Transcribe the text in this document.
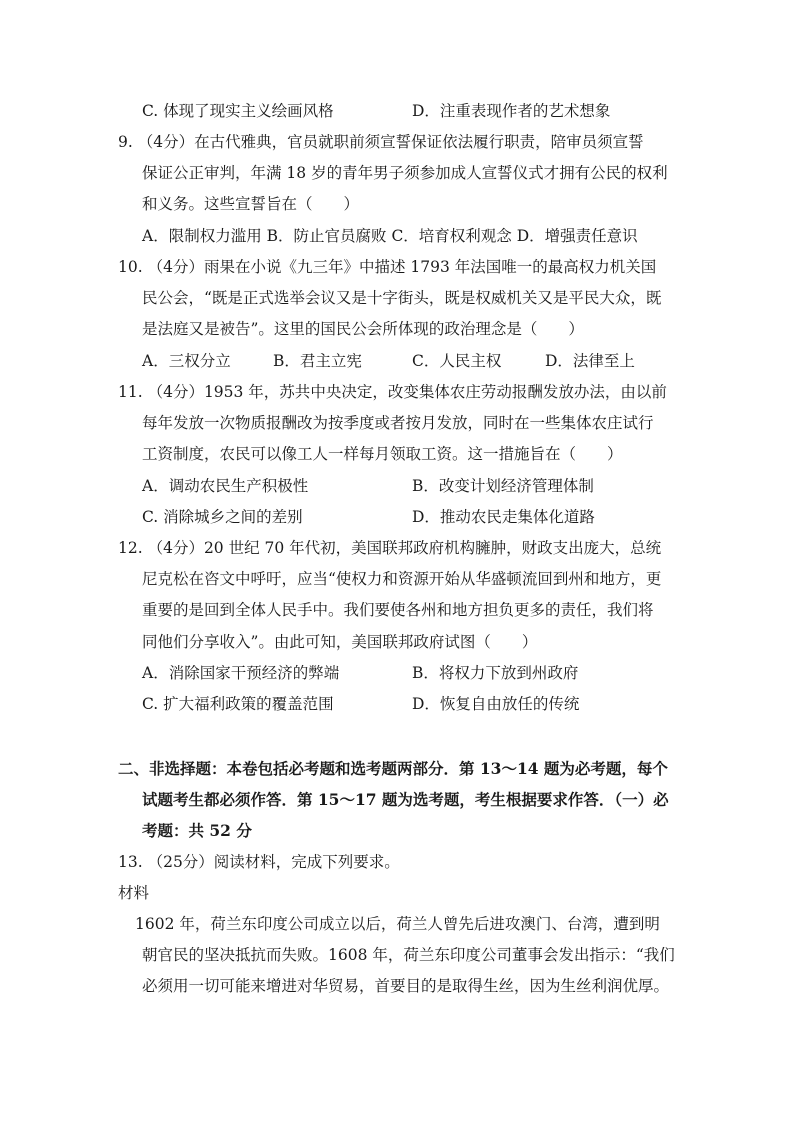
C. 体现了现实主义绘画风格	D．注重表现作者的艺术想象
9. （4分）在古代雅典，官员就职前须宣誓保证依法履行职责，陪审员须宣誓
保证公正审判，年满 18 岁的青年男子须参加成人宣誓仪式才拥有公民的权利
和义务。这些宣誓旨在（　　）
A．限制权力滥用 B．防止官员腐败 C．培育权利观念 D．增强责任意识
10. （4分）雨果在小说《九三年》中描述 1793 年法国唯一的最高权力机关国
民公会，“既是正式选举会议又是十字街头，既是权威机关又是平民大众，既
是法庭又是被告”。这里的国民公会所体现的政治理念是（　　）
A．三权分立	B．君主立宪	C．人民主权	D．法律至上
11. （4分）1953 年，苏共中央决定，改变集体农庄劳动报酬发放办法，由以前
每年发放一次物质报酬改为按季度或者按月发放，同时在一些集体农庄试行
工资制度，农民可以像工人一样每月领取工资。这一措施旨在（　　）
A．调动农民生产积极性	B．改变计划经济管理体制
C. 消除城乡之间的差别	D．推动农民走集体化道路
12. （4分）20 世纪 70 年代初，美国联邦政府机构臃肿，财政支出庞大，总统
尼克松在咨文中呼吁，应当“使权力和资源开始从华盛顿流回到州和地方，更
重要的是回到全体人民手中。我们要使各州和地方担负更多的责任，我们将
同他们分享收入”。由此可知，美国联邦政府试图（　　）
A．消除国家干预经济的弊端	B．将权力下放到州政府
C. 扩大福利政策的覆盖范围	D．恢复自由放任的传统
二、非选择题：本卷包括必考题和选考题两部分．第 13～14 题为必考题，每个
试题考生都必须作答．第 15～17 题为选考题，考生根据要求作答．（一）必
考题：共 52 分
13. （25分）阅读材料，完成下列要求。
材料
1602 年，荷兰东印度公司成立以后，荷兰人曾先后进攻澳门、台湾，遭到明
朝官民的坚决抵抗而失败。1608 年，荷兰东印度公司董事会发出指示：“我们
必须用一切可能来增进对华贸易，首要目的是取得生丝，因为生丝利润优厚。
